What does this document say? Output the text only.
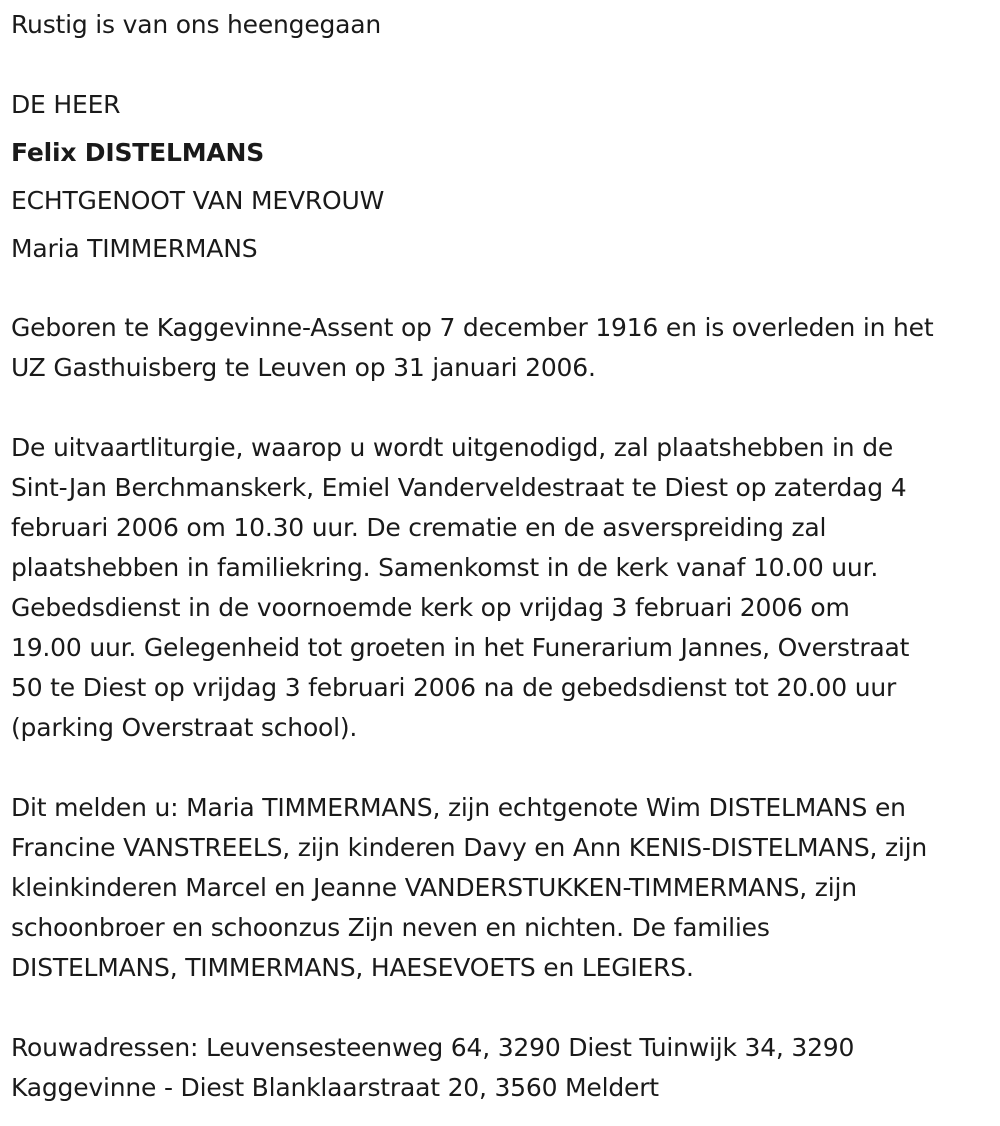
Rustig is van ons heengegaan

DE HEER

Felix DISTELMANS

ECHTGENOOT VAN MEVROUW

Maria TIMMERMANS

Geboren te Kaggevinne-Assent op 7 december 1916 en is overleden in het
UZ Gasthuisberg te Leuven op 31 januari 2006.
De uitvaartliturgie, waarop u wordt uitgenodigd, zal plaatshebben in de
Sint-Jan Berchmanskerk, Emiel Vanderveldestraat te Diest op zaterdag 4
februari 2006 om 10.30 uur. De crematie en de asverspreiding zal
plaatshebben in familiekring. Samenkomst in de kerk vanaf 10.00 uur.
Gebedsdienst in de voornoemde kerk op vrijdag 3 februari 2006 om
19.00 uur. Gelegenheid tot groeten in het Funerarium Jannes, Overstraat
50 te Diest op vrijdag 3 februari 2006 na de gebedsdienst tot 20.00 uur
(parking Overstraat school).
Dit melden u: Maria TIMMERMANS, zijn echtgenote Wim DISTELMANS en
Francine VANSTREELS, zijn kinderen Davy en Ann KENIS-DISTELMANS, zijn
kleinkinderen Marcel en Jeanne VANDERSTUKKEN-TIMMERMANS, zijn
schoonbroer en schoonzus Zijn neven en nichten. De families
DISTELMANS, TIMMERMANS, HAESEVOETS en LEGIERS.
Rouwadressen: Leuvensesteenweg 64, 3290 Diest Tuinwijk 34, 3290
Kaggevinne - Diest Blanklaarstraat 20, 3560 Meldert
